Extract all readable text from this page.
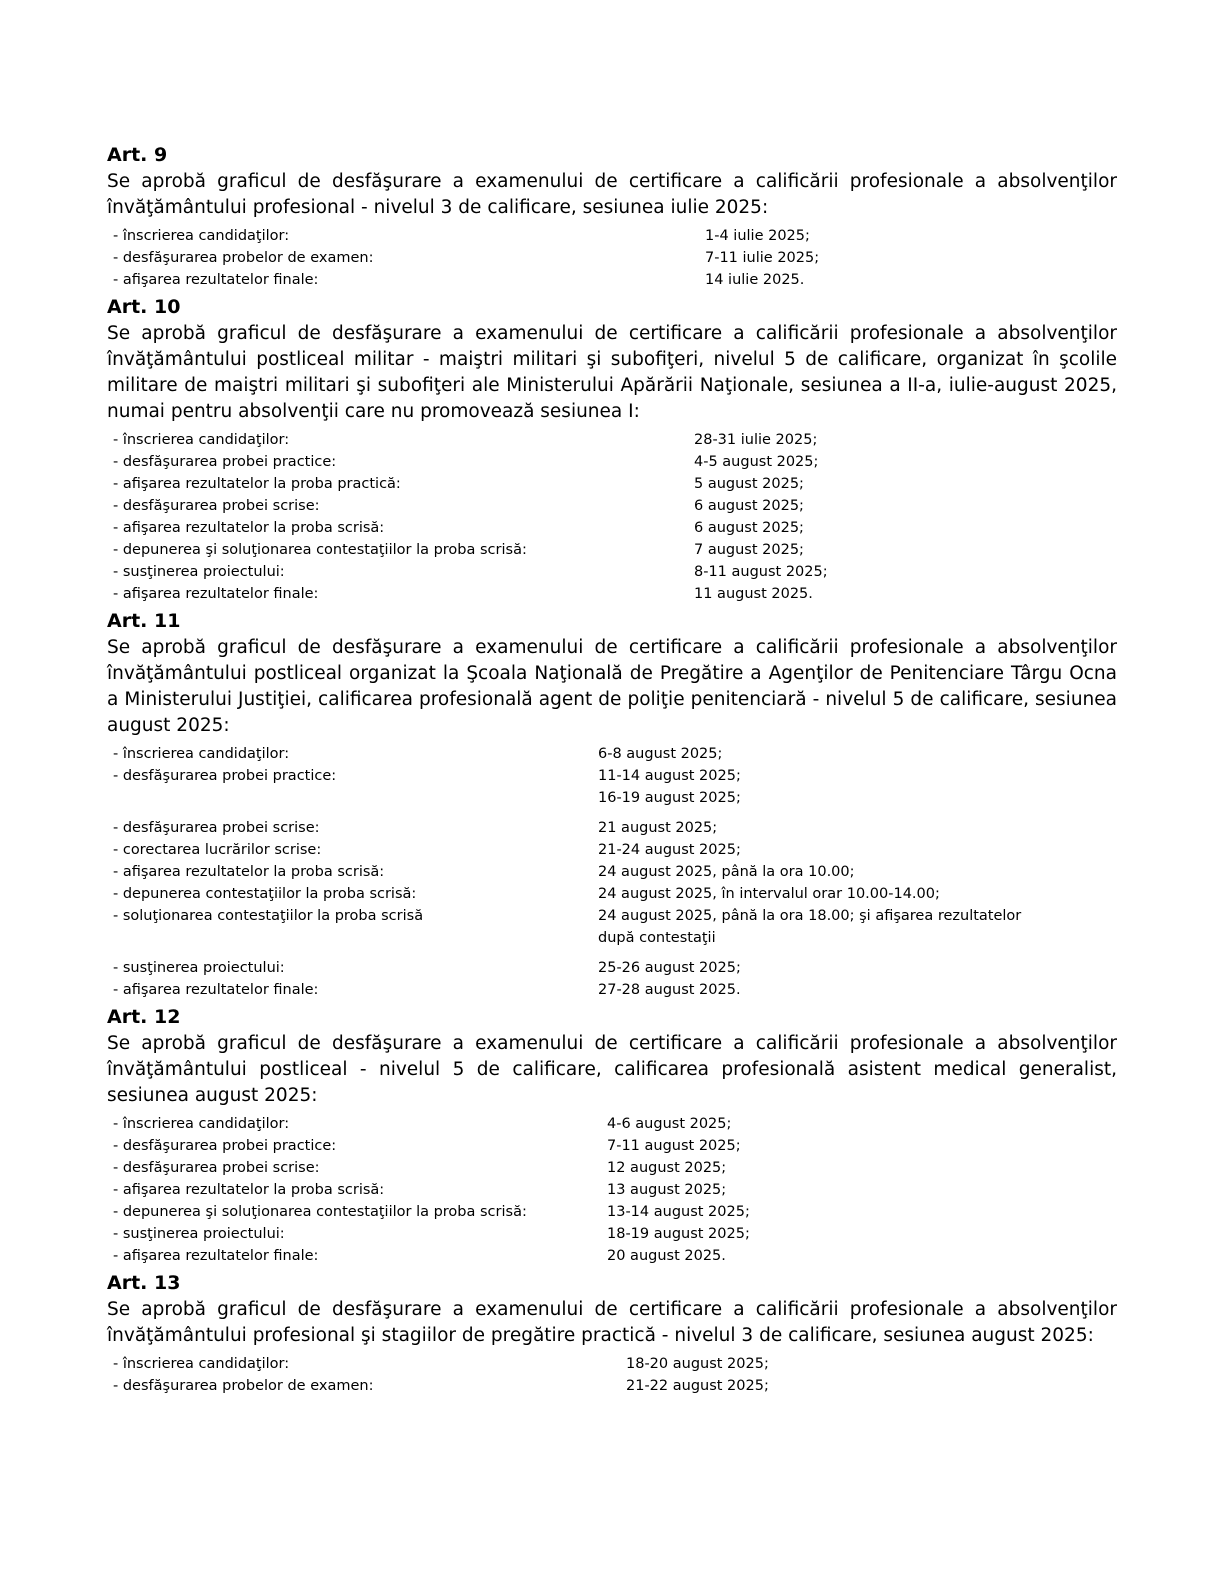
Art. 9

Se aprobă graficul de desfăşurare a examenului de certificare a calificării profesionale a absolvenţilor învăţământului profesional - nivelul 3 de calificare, sesiunea iulie 2025:

- înscrierea candidaţilor:	1-4 iulie 2025;
- desfăşurarea probelor de examen:	7-11 iulie 2025;
- afişarea rezultatelor finale:	14 iulie 2025.
Art. 10

Se aprobă graficul de desfăşurare a examenului de certificare a calificării profesionale a absolvenţilor învăţământului postliceal militar - maiştri militari şi subofiţeri, nivelul 5 de calificare, organizat în şcolile militare de maiştri militari şi subofiţeri ale Ministerului Apărării Naţionale, sesiunea a II-a, iulie-august 2025, numai pentru absolvenţii care nu promovează sesiunea I:

- înscrierea candidaţilor:	28-31 iulie 2025;
- desfăşurarea probei practice:	4-5 august 2025;
- afişarea rezultatelor la proba practică:	5 august 2025;
- desfăşurarea probei scrise:	6 august 2025;
- afişarea rezultatelor la proba scrisă:	6 august 2025;
- depunerea şi soluţionarea contestaţiilor la proba scrisă:	7 august 2025;
- susţinerea proiectului:	8-11 august 2025;
- afişarea rezultatelor finale:	11 august 2025.
Art. 11

Se aprobă graficul de desfăşurare a examenului de certificare a calificării profesionale a absolvenţilor învăţământului postliceal organizat la Şcoala Naţională de Pregătire a Agenţilor de Penitenciare Târgu Ocna a Ministerului Justiţiei, calificarea profesională agent de poliţie penitenciară - nivelul 5 de calificare, sesiunea august 2025:

- înscrierea candidaţilor:	6-8 august 2025;
- desfăşurarea probei practice:	11-14 august 2025;
16-19 august 2025;
- desfăşurarea probei scrise:	21 august 2025;
- corectarea lucrărilor scrise:	21-24 august 2025;
- afişarea rezultatelor la proba scrisă:	24 august 2025, până la ora 10.00;
- depunerea contestaţiilor la proba scrisă:	24 august 2025, în intervalul orar 10.00-14.00;
- soluţionarea contestaţiilor la proba scrisă	24 august 2025, până la ora 18.00; şi afişarea rezultatelor
după contestaţii
- susţinerea proiectului:	25-26 august 2025;
- afişarea rezultatelor finale:	27-28 august 2025.
Art. 12

Se aprobă graficul de desfăşurare a examenului de certificare a calificării profesionale a absolvenţilor învăţământului postliceal - nivelul 5 de calificare, calificarea profesională asistent medical generalist, sesiunea august 2025:

- înscrierea candidaţilor:	4-6 august 2025;
- desfăşurarea probei practice:	7-11 august 2025;
- desfăşurarea probei scrise:	12 august 2025;
- afişarea rezultatelor la proba scrisă:	13 august 2025;
- depunerea şi soluţionarea contestaţiilor la proba scrisă:	13-14 august 2025;
- susţinerea proiectului:	18-19 august 2025;
- afişarea rezultatelor finale:	20 august 2025.
Art. 13

Se aprobă graficul de desfăşurare a examenului de certificare a calificării profesionale a absolvenţilor învăţământului profesional şi stagiilor de pregătire practică - nivelul 3 de calificare, sesiunea august 2025:

- înscrierea candidaţilor:	18-20 august 2025;
- desfăşurarea probelor de examen:	21-22 august 2025;
